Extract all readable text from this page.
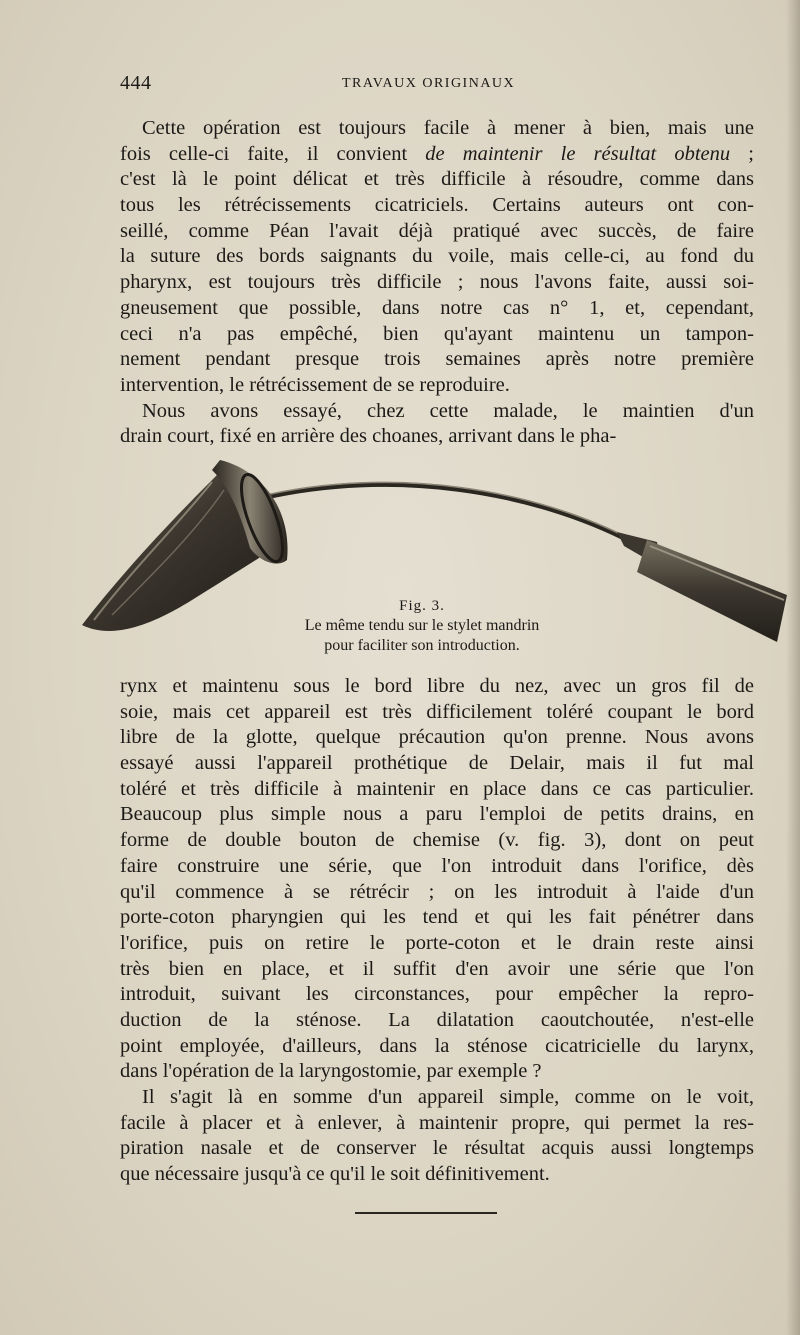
444	TRAVAUX ORIGINAUX
Cette opération est toujours facile à mener à bien, mais une
fois celle-ci faite, il convient de maintenir le résultat obtenu ;
c'est là le point délicat et très difficile à résoudre, comme dans
tous les rétrécissements cicatriciels. Certains auteurs ont con-
seillé, comme Péan l'avait déjà pratiqué avec succès, de faire
la suture des bords saignants du voile, mais celle-ci, au fond du
pharynx, est toujours très difficile ; nous l'avons faite, aussi soi-
gneusement que possible, dans notre cas n° 1, et, cependant,
ceci n'a pas empêché, bien qu'ayant maintenu un tampon-
nement pendant presque trois semaines après notre première
intervention, le rétrécissement de se reproduire.
Nous avons essayé, chez cette malade, le maintien d'un
drain court, fixé en arrière des choanes, arrivant dans le pha-
Fig. 3.
Le même tendu sur le stylet mandrin
pour faciliter son introduction.
rynx et maintenu sous le bord libre du nez, avec un gros fil de
soie, mais cet appareil est très difficilement toléré coupant le bord
libre de la glotte, quelque précaution qu'on prenne. Nous avons
essayé aussi l'appareil prothétique de Delair, mais il fut mal
toléré et très difficile à maintenir en place dans ce cas particulier.
Beaucoup plus simple nous a paru l'emploi de petits drains, en
forme de double bouton de chemise (v. fig. 3), dont on peut
faire construire une série, que l'on introduit dans l'orifice, dès
qu'il commence à se rétrécir ; on les introduit à l'aide d'un
porte-coton pharyngien qui les tend et qui les fait pénétrer dans
l'orifice, puis on retire le porte-coton et le drain reste ainsi
très bien en place, et il suffit d'en avoir une série que l'on
introduit, suivant les circonstances, pour empêcher la repro-
duction de la sténose. La dilatation caoutchoutée, n'est-elle
point employée, d'ailleurs, dans la sténose cicatricielle du larynx,
dans l'opération de la laryngostomie, par exemple ?
Il s'agit là en somme d'un appareil simple, comme on le voit,
facile à placer et à enlever, à maintenir propre, qui permet la res-
piration nasale et de conserver le résultat acquis aussi longtemps
que nécessaire jusqu'à ce qu'il le soit définitivement.
